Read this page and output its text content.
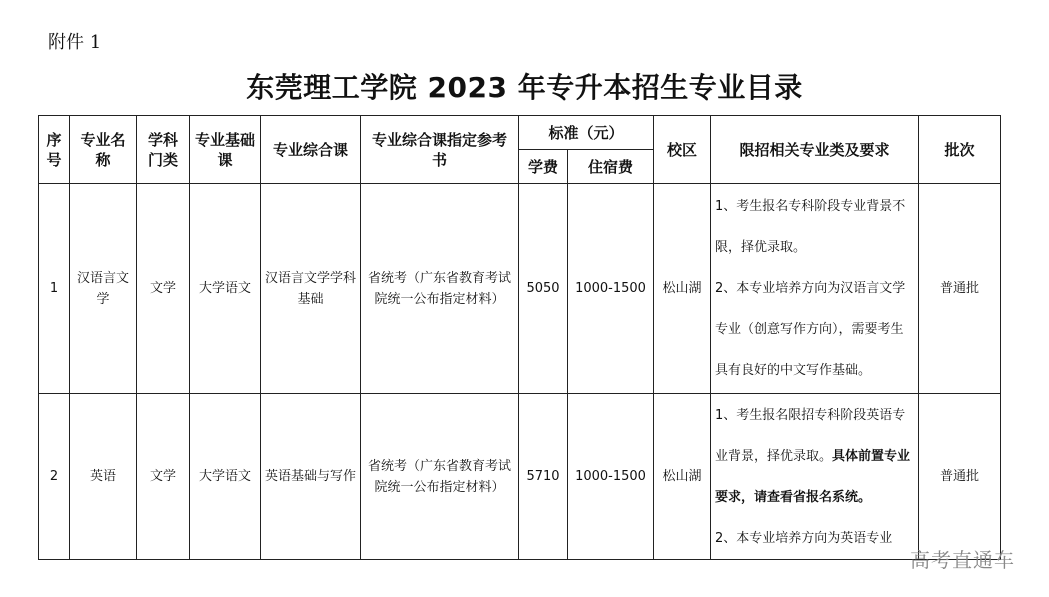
附件 1
东莞理工学院 2023 年专升本招生专业目录
序号	专业名称	学科门类	专业基础课	专业综合课	专业综合课指定参考书	标准（元）		校区	限招相关专业类及要求	批次
						学费	住宿费			
1	汉语言文学	文学	大学语文	汉语言文学学科基础	省统考（广东省教育考试院统一公布指定材料）	5050	1000-1500	松山湖	1、考生报名专科阶段专业背景不限，择优录取。
2、本专业培养方向为汉语言文学专业（创意写作方向），需要考生具有良好的中文写作基础。	普通批
2	英语	文学	大学语文	英语基础与写作	省统考（广东省教育考试院统一公布指定材料）	5710	1000-1500	松山湖	1、考生报名限招专科阶段英语专业背景，择优录取。具体前置专业要求，请查看省报名系统。
2、本专业培养方向为英语专业	普通批
高考直通车
